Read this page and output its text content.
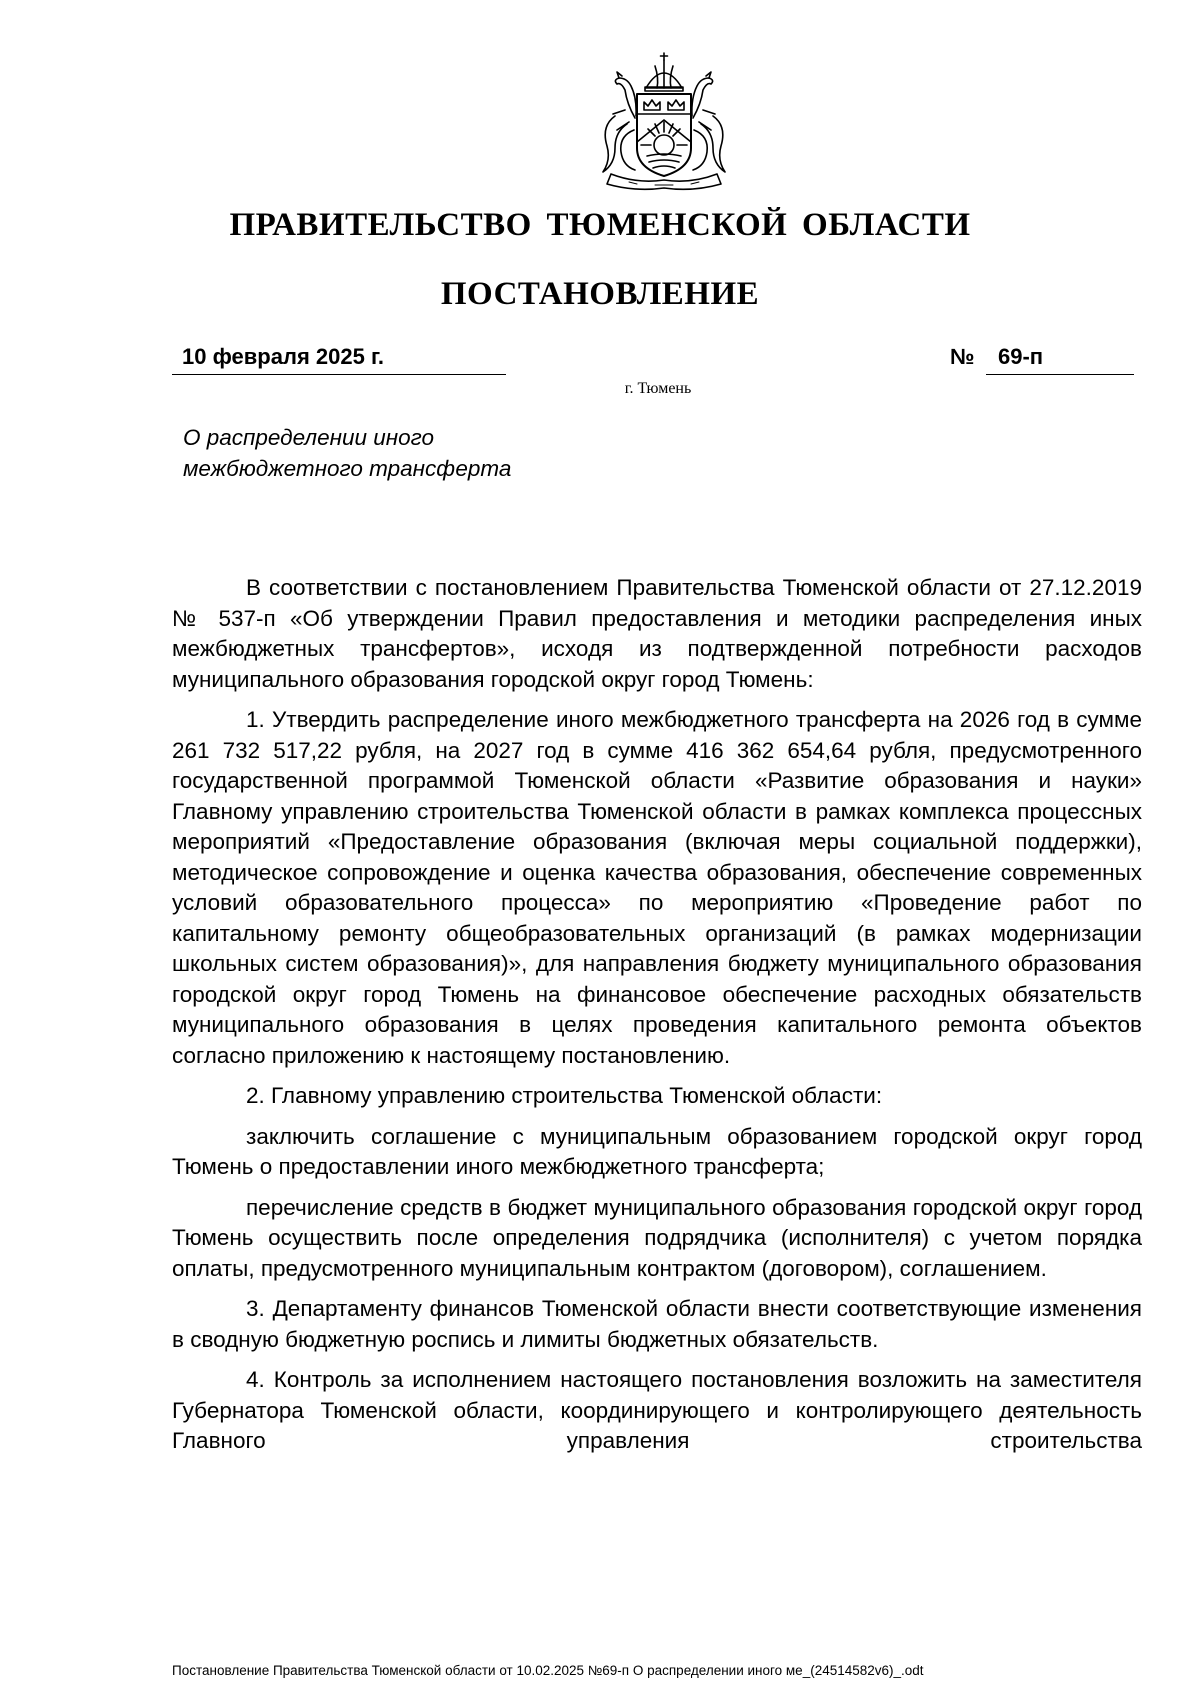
ПРАВИТЕЛЬСТВО ТЮМЕНСКОЙ ОБЛАСТИ
ПОСТАНОВЛЕНИЕ
10 февраля 2025 г.	№ 69-п
г. Тюмень
О распределении иного
межбюджетного трансферта

В соответствии с постановлением Правительства Тюменской области от 27.12.2019 № 537-п «Об утверждении Правил предоставления и методики распределения иных межбюджетных трансфертов», исходя из подтвержденной потребности расходов муниципального образования городской округ город Тюмень:

1. Утвердить распределение иного межбюджетного трансферта на 2026 год в сумме 261 732 517,22 рубля, на 2027 год в сумме 416 362 654,64 рубля, предусмотренного государственной программой Тюменской области «Развитие образования и науки» Главному управлению строительства Тюменской области в рамках комплекса процессных мероприятий «Предоставление образования (включая меры социальной поддержки), методическое сопровождение и оценка качества образования, обеспечение современных условий образовательного процесса» по мероприятию «Проведение работ по капитальному ремонту общеобразовательных организаций (в рамках модернизации школьных систем образования)», для направления бюджету муниципального образования городской округ город Тюмень на финансовое обеспечение расходных обязательств муниципального образования в целях проведения капитального ремонта объектов согласно приложению к настоящему постановлению.

2. Главному управлению строительства Тюменской области:

заключить соглашение с муниципальным образованием городской округ город Тюмень о предоставлении иного межбюджетного трансферта;

перечисление средств в бюджет муниципального образования городской округ город Тюмень осуществить после определения подрядчика (исполнителя) с учетом порядка оплаты, предусмотренного муниципальным контрактом (договором), соглашением.

3. Департаменту финансов Тюменской области внести соответствующие изменения в сводную бюджетную роспись и лимиты бюджетных обязательств.

4. Контроль за исполнением настоящего постановления возложить на заместителя Губернатора Тюменской области, координирующего и контролирующего деятельность Главного управления строительства

Постановление Правительства Тюменской области от 10.02.2025 №69-п О распределении иного ме_(24514582v6)_.odt
